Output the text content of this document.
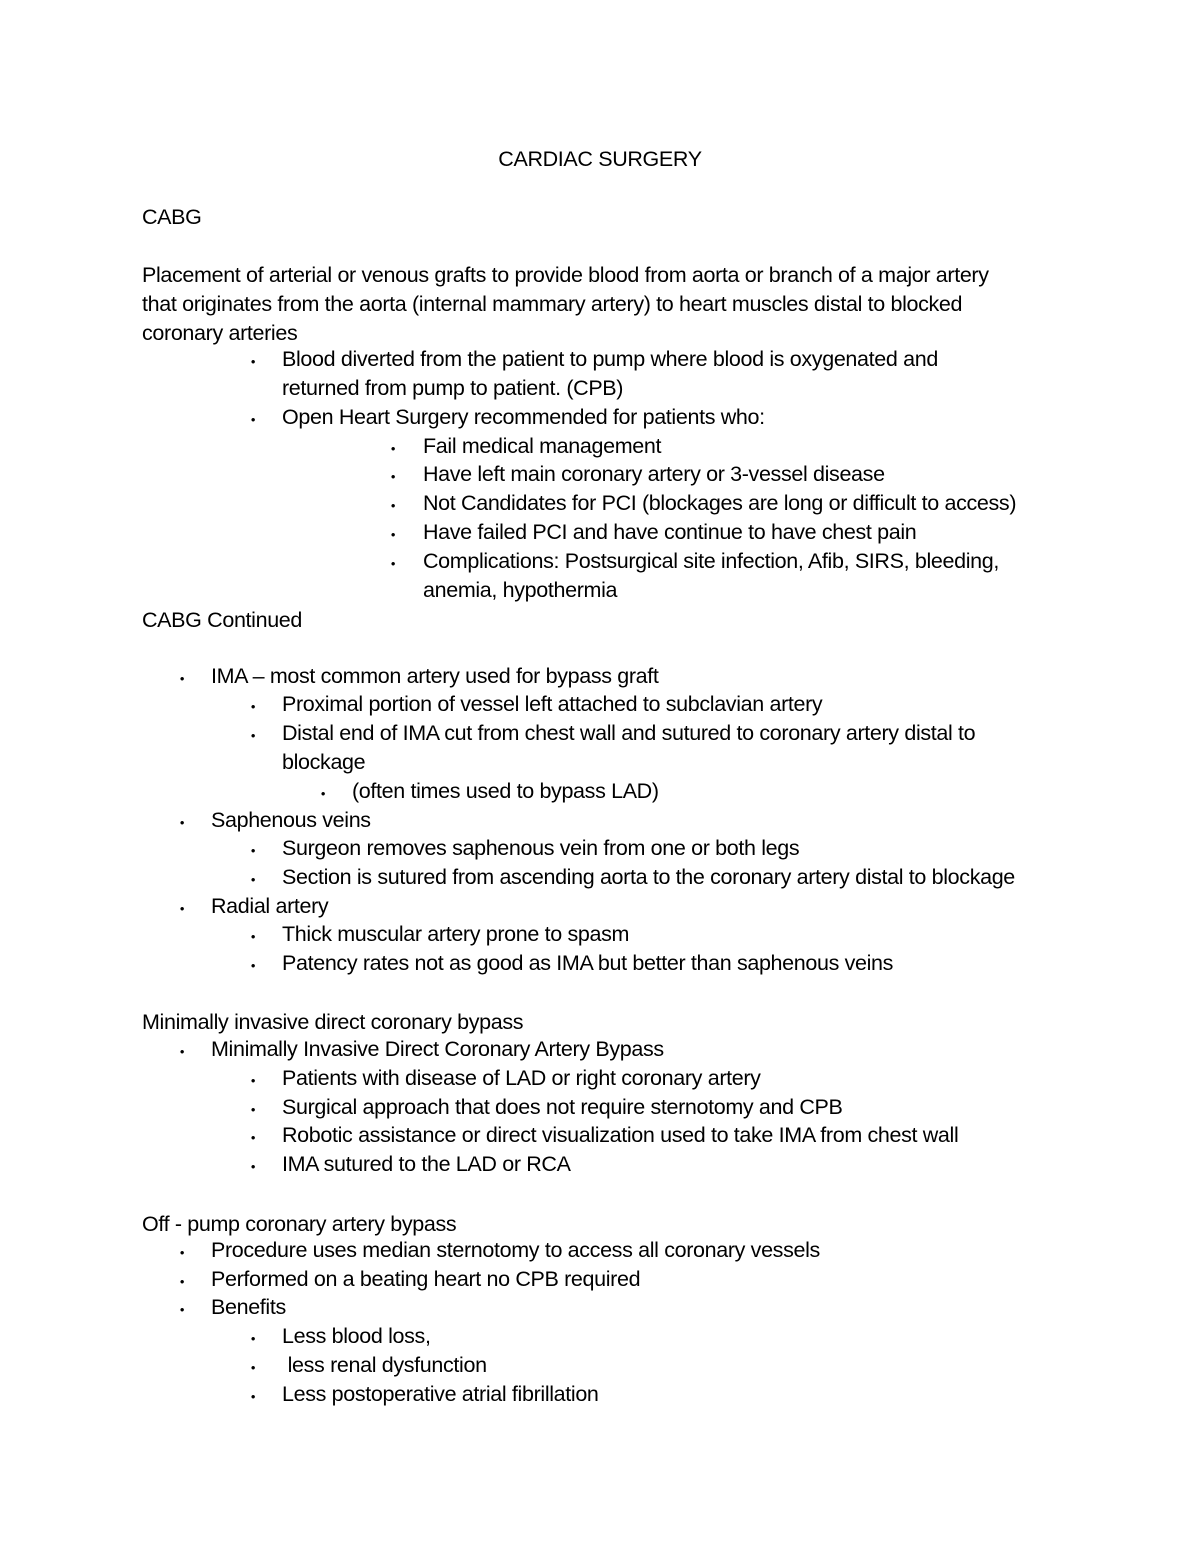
CARDIAC SURGERY
CABG
Placement of arterial or venous grafts to provide blood from aorta or branch of a major artery
that originates from the aorta (internal mammary artery) to heart muscles distal to blocked
coronary arteries
•	Blood diverted from the patient to pump where blood is oxygenated and
returned from pump to patient. (CPB)
•	Open Heart Surgery recommended for patients who:
•	Fail medical management
•	Have left main coronary artery or 3-vessel disease
•	Not Candidates for PCI (blockages are long or difficult to access)
•	Have failed PCI and have continue to have chest pain
•	Complications: Postsurgical site infection, Afib, SIRS, bleeding,
anemia, hypothermia
CABG Continued
•	IMA – most common artery used for bypass graft
•	Proximal portion of vessel left attached to subclavian artery
•	Distal end of IMA cut from chest wall and sutured to coronary artery distal to
blockage
•	(often times used to bypass LAD)
•	Saphenous veins
•	Surgeon removes saphenous vein from one or both legs
•	Section is sutured from ascending aorta to the coronary artery distal to blockage
•	Radial artery
•	Thick muscular artery prone to spasm
•	Patency rates not as good as IMA but better than saphenous veins
Minimally invasive direct coronary bypass
•	Minimally Invasive Direct Coronary Artery Bypass
•	Patients with disease of LAD or right coronary artery
•	Surgical approach that does not require sternotomy and CPB
•	Robotic assistance or direct visualization used to take IMA from chest wall
•	IMA sutured to the LAD or RCA
Off - pump coronary artery bypass
•	Procedure uses median sternotomy to access all coronary vessels
•	Performed on a beating heart no CPB required
•	Benefits
•	Less blood loss,
•	less renal dysfunction
•	Less postoperative atrial fibrillation
